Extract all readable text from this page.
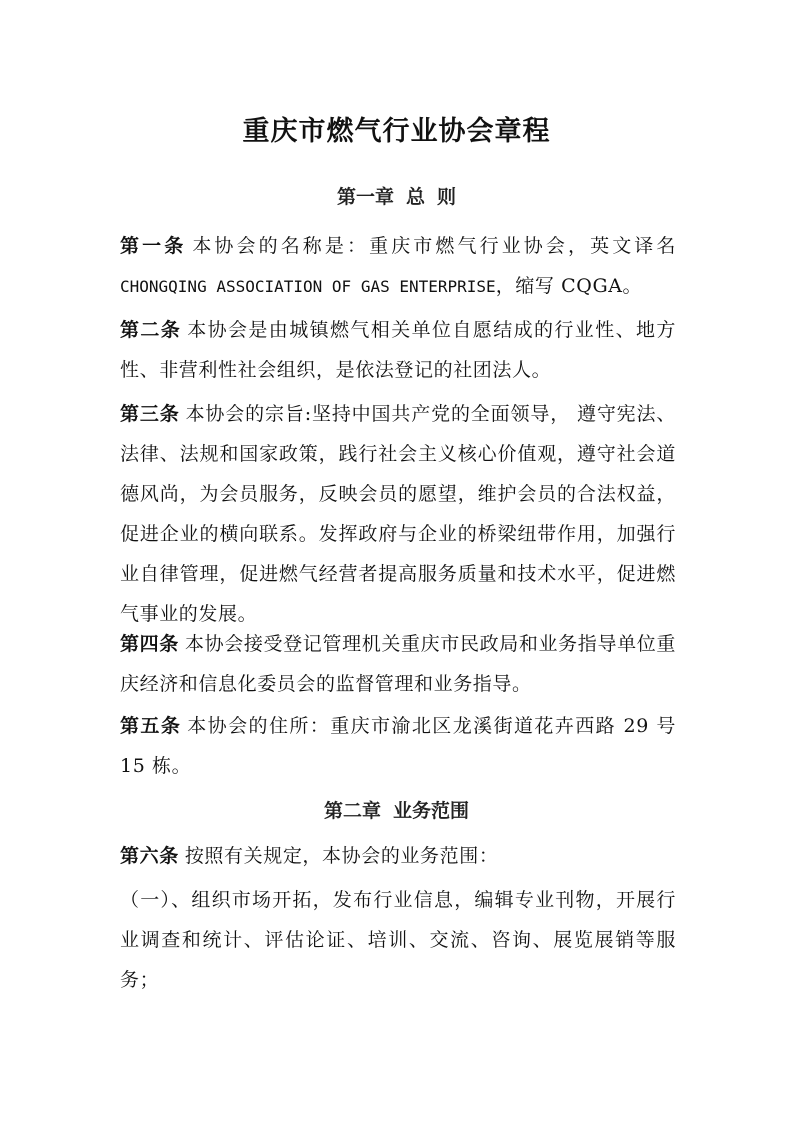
重庆市燃气行业协会章程
第一章 总 则
第一条 本协会的名称是：重庆市燃气行业协会，英文译名CHONGQING ASSOCIATION OF GAS ENTERPRISE，缩写 CQGA。
第二条 本协会是由城镇燃气相关单位自愿结成的行业性、地方性、非营利性社会组织，是依法登记的社团法人。
第三条 本协会的宗旨:坚持中国共产党的全面领导， 遵守宪法、法律、法规和国家政策，践行社会主义核心价值观，遵守社会道德风尚，为会员服务，反映会员的愿望，维护会员的合法权益，促进企业的横向联系。发挥政府与企业的桥梁纽带作用，加强行业自律管理，促进燃气经营者提高服务质量和技术水平，促进燃气事业的发展。
第四条 本协会接受登记管理机关重庆市民政局和业务指导单位重庆经济和信息化委员会的监督管理和业务指导。
第五条 本协会的住所：重庆市渝北区龙溪街道花卉西路 29 号 15 栋。
第二章 业务范围
第六条 按照有关规定，本协会的业务范围：
（一）、组织市场开拓，发布行业信息，编辑专业刊物，开展行业调查和统计、评估论证、培训、交流、咨询、展览展销等服务；
